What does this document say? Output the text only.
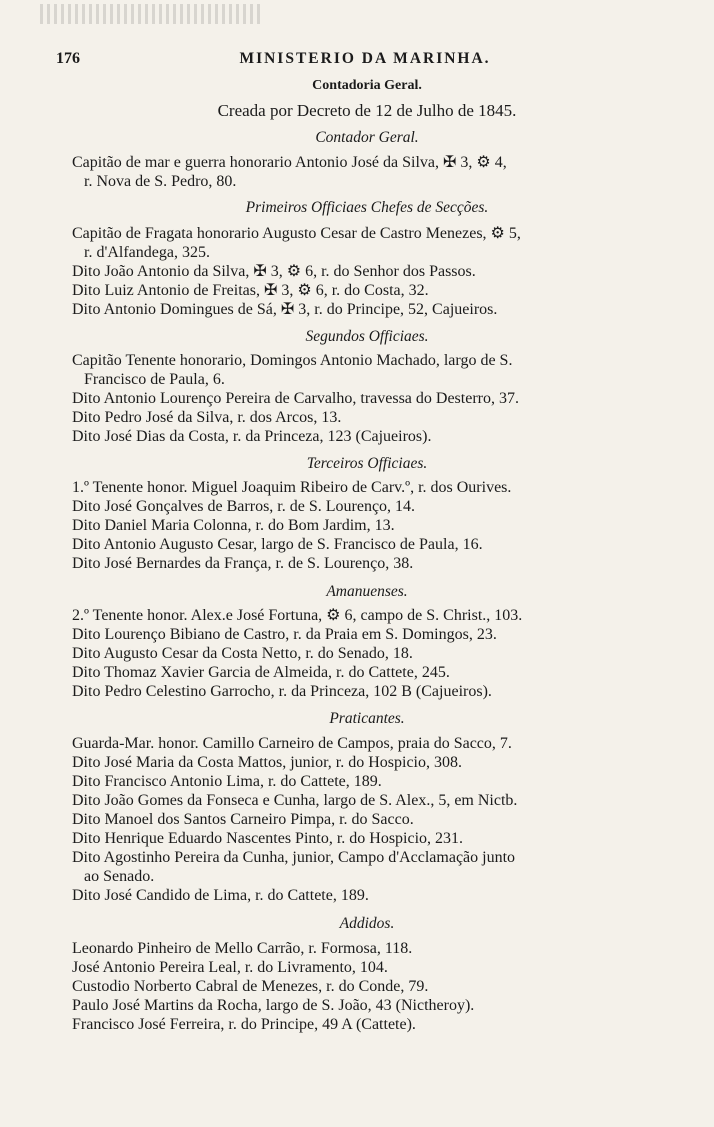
176	MINISTERIO DA MARINHA.
Contadoria Geral.
Creada por Decreto de 12 de Julho de 1845.
Contador Geral.
Capitão de mar e guerra honorario Antonio José da Silva, ✠ 3, ⚙ 4,
r. Nova de S. Pedro, 80.
Primeiros Officiaes Chefes de Secções.
Capitão de Fragata honorario Augusto Cesar de Castro Menezes, ⚙ 5,
r. d'Alfandega, 325.
Dito João Antonio da Silva, ✠ 3, ⚙ 6, r. do Senhor dos Passos.
Dito Luiz Antonio de Freitas, ✠ 3, ⚙ 6, r. do Costa, 32.
Dito Antonio Domingues de Sá, ✠ 3, r. do Principe, 52, Cajueiros.
Segundos Officiaes.
Capitão Tenente honorario, Domingos Antonio Machado, largo de S.
Francisco de Paula, 6.
Dito Antonio Lourenço Pereira de Carvalho, travessa do Desterro, 37.
Dito Pedro José da Silva, r. dos Arcos, 13.
Dito José Dias da Costa, r. da Princeza, 123 (Cajueiros).
Terceiros Officiaes.
1.º Tenente honor. Miguel Joaquim Ribeiro de Carv.º, r. dos Ourives.
Dito José Gonçalves de Barros, r. de S. Lourenço, 14.
Dito Daniel Maria Colonna, r. do Bom Jardim, 13.
Dito Antonio Augusto Cesar, largo de S. Francisco de Paula, 16.
Dito José Bernardes da França, r. de S. Lourenço, 38.
Amanuenses.
2.º Tenente honor. Alex.e José Fortuna, ⚙ 6, campo de S. Christ., 103.
Dito Lourenço Bibiano de Castro, r. da Praia em S. Domingos, 23.
Dito Augusto Cesar da Costa Netto, r. do Senado, 18.
Dito Thomaz Xavier Garcia de Almeida, r. do Cattete, 245.
Dito Pedro Celestino Garrocho, r. da Princeza, 102 B (Cajueiros).
Praticantes.
Guarda-Mar. honor. Camillo Carneiro de Campos, praia do Sacco, 7.
Dito José Maria da Costa Mattos, junior, r. do Hospicio, 308.
Dito Francisco Antonio Lima, r. do Cattete, 189.
Dito João Gomes da Fonseca e Cunha, largo de S. Alex., 5, em Nictb.
Dito Manoel dos Santos Carneiro Pimpa, r. do Sacco.
Dito Henrique Eduardo Nascentes Pinto, r. do Hospicio, 231.
Dito Agostinho Pereira da Cunha, junior, Campo d'Acclamação junto
ao Senado.
Dito José Candido de Lima, r. do Cattete, 189.
Addidos.
Leonardo Pinheiro de Mello Carrão, r. Formosa, 118.
José Antonio Pereira Leal, r. do Livramento, 104.
Custodio Norberto Cabral de Menezes, r. do Conde, 79.
Paulo José Martins da Rocha, largo de S. João, 43 (Nictheroy).
Francisco José Ferreira, r. do Principe, 49 A (Cattete).
